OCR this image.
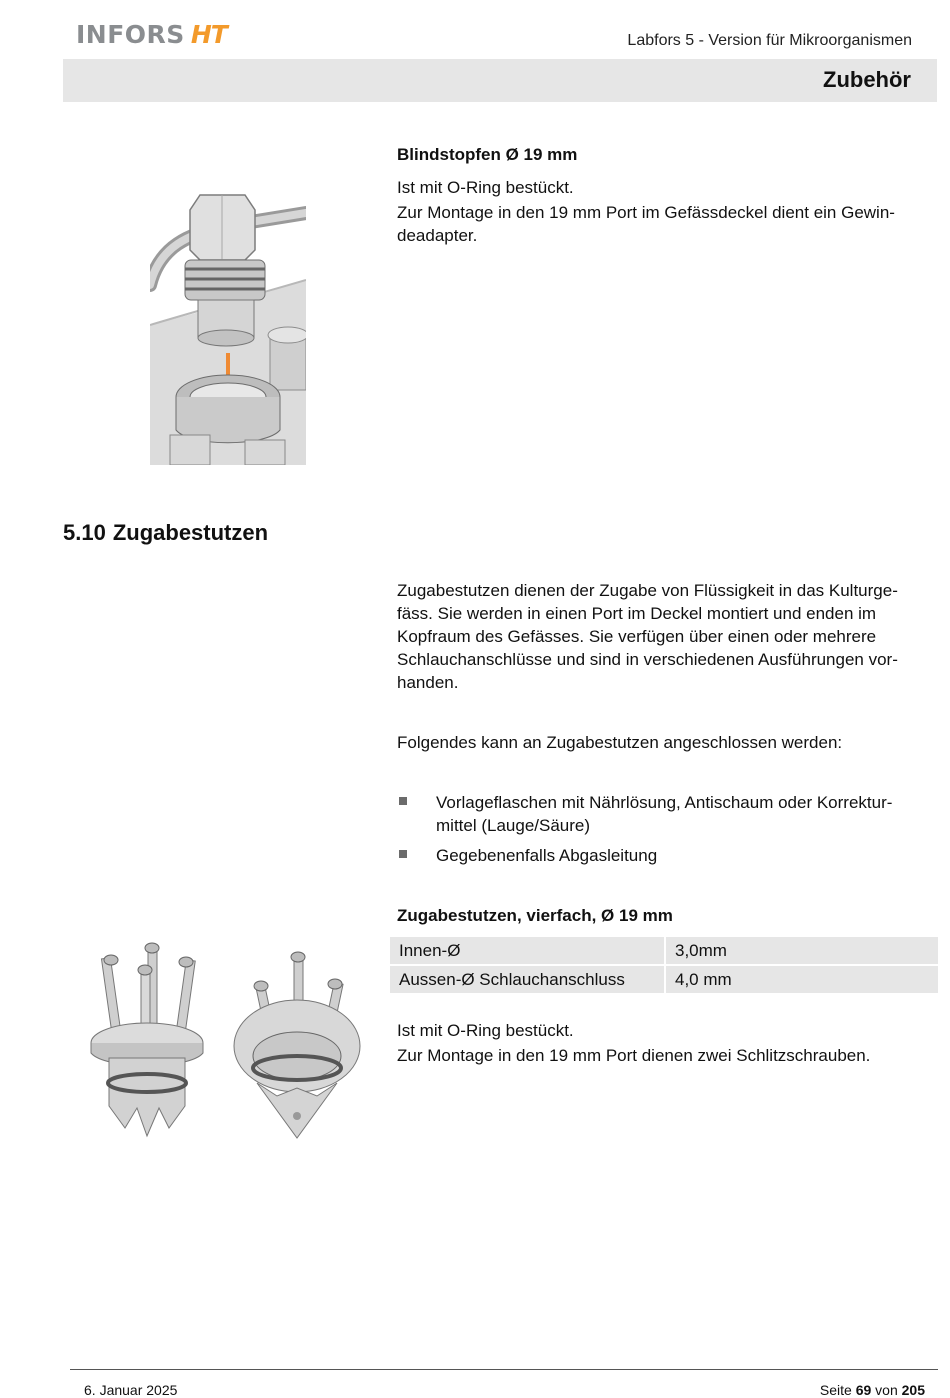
INFORS HT	Labfors 5 - Version für Mikroorganismen
Zubehör
Blindstopfen Ø 19 mm
Ist mit O-Ring bestückt.
Zur Montage in den 19 mm Port im Gefässdeckel dient ein Gewin-
deadapter.
5.10 Zugabestutzen
Zugabestutzen dienen der Zugabe von Flüssigkeit in das Kulturge-
fäss. Sie werden in einen Port im Deckel montiert und enden im
Kopfraum des Gefässes. Sie verfügen über einen oder mehrere
Schlauchanschlüsse und sind in verschiedenen Ausführungen vor-
handen.
Folgendes kann an Zugabestutzen angeschlossen werden:
Vorlageflaschen mit Nährlösung, Antischaum oder Korrektur-
mittel (Lauge/Säure)
Gegebenenfalls Abgasleitung
Zugabestutzen, vierfach, Ø 19 mm
Innen-Ø	3,0mm
Aussen-Ø Schlauchanschluss	4,0 mm
Ist mit O-Ring bestückt.
Zur Montage in den 19 mm Port dienen zwei Schlitzschrauben.
6. Januar 2025	Seite 69 von 205
